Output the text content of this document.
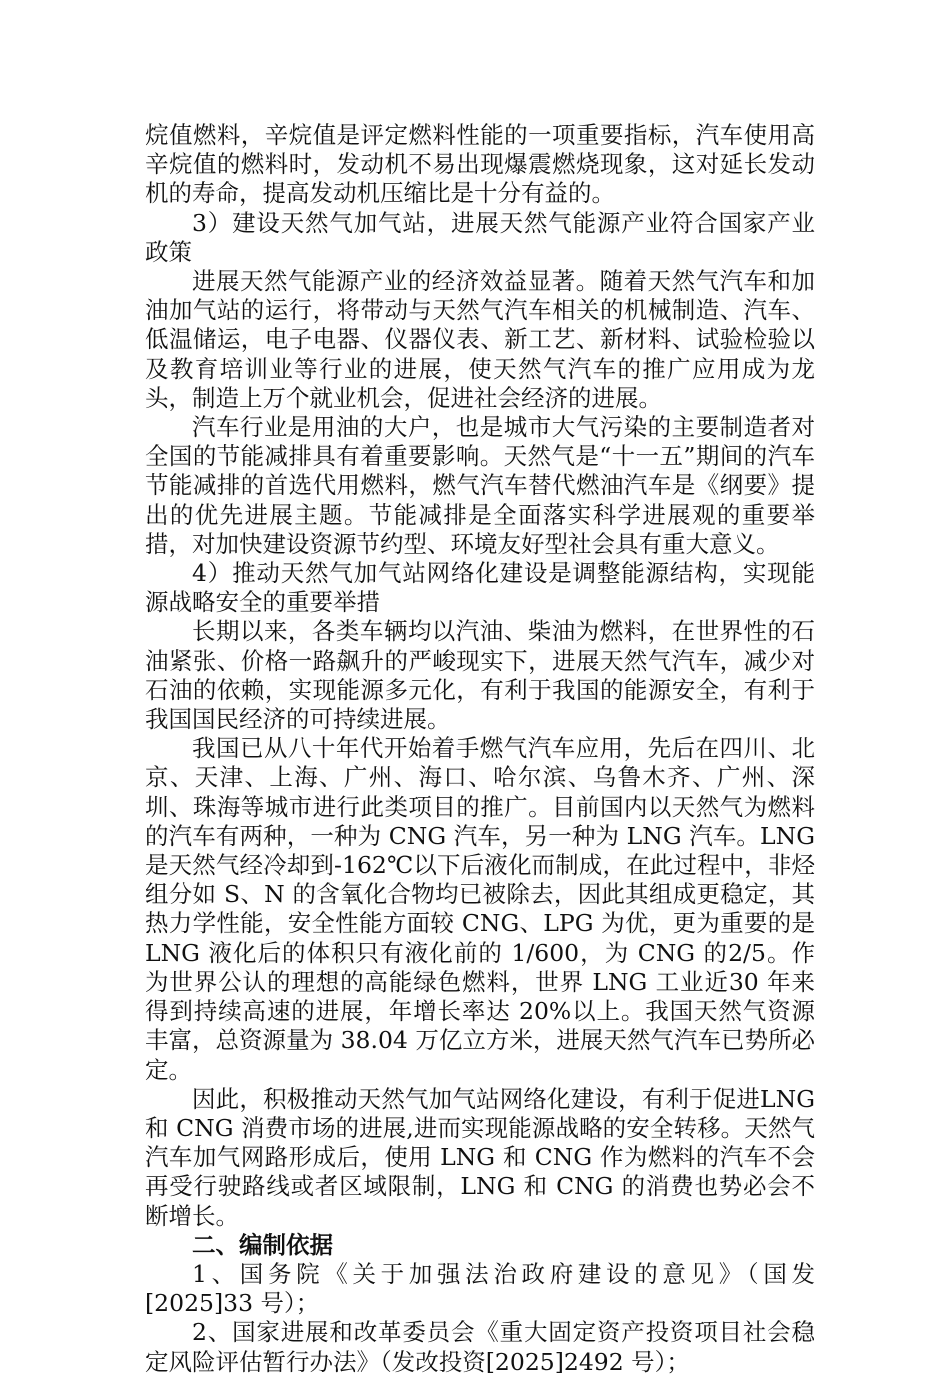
烷值燃料，辛烷值是评定燃料性能的一项重要指标，汽车使用高辛烷值的燃料时，发动机不易出现爆震燃烧现象，这对延长发动机的寿命，提高发动机压缩比是十分有益的。

3）建设天然气加气站，进展天然气能源产业符合国家产业政策

进展天然气能源产业的经济效益显著。随着天然气汽车和加油加气站的运行，将带动与天然气汽车相关的机械制造、汽车、低温储运，电子电器、仪器仪表、新工艺、新材料、试验检验以及教育培训业等行业的进展，使天然气汽车的推广应用成为龙头，制造上万个就业机会，促进社会经济的进展。

汽车行业是用油的大户，也是城市大气污染的主要制造者对全国的节能减排具有着重要影响。天然气是“十一五”期间的汽车节能减排的首选代用燃料，燃气汽车替代燃油汽车是《纲要》提出的优先进展主题。节能减排是全面落实科学进展观的重要举措，对加快建设资源节约型、环境友好型社会具有重大意义。

4）推动天然气加气站网络化建设是调整能源结构，实现能源战略安全的重要举措

长期以来，各类车辆均以汽油、柴油为燃料，在世界性的石油紧张、价格一路飙升的严峻现实下，进展天然气汽车，减少对石油的依赖，实现能源多元化，有利于我国的能源安全，有利于我国国民经济的可持续进展。

我国已从八十年代开始着手燃气汽车应用，先后在四川、北京、天津、上海、广州、海口、哈尔滨、乌鲁木齐、广州、深圳、珠海等城市进行此类项目的推广。目前国内以天然气为燃料的汽车有两种，一种为 CNG 汽车，另一种为 LNG 汽车。LNG 是天然气经冷却到-162℃以下后液化而制成，在此过程中，非烃组分如 S、N 的含氧化合物均已被除去，因此其组成更稳定，其热力学性能，安全性能方面较 CNG、LPG 为优，更为重要的是 LNG 液化后的体积只有液化前的 1/600，为 CNG 的2/5。作为世界公认的理想的高能绿色燃料，世界 LNG 工业近30 年来得到持续高速的进展，年增长率达 20%以上。我国天然气资源丰富，总资源量为 38.04 万亿立方米，进展天然气汽车已势所必定。

因此，积极推动天然气加气站网络化建设，有利于促进LNG 和 CNG 消费市场的进展,进而实现能源战略的安全转移。天然气汽车加气网路形成后，使用 LNG 和 CNG 作为燃料的汽车不会再受行驶路线或者区域限制，LNG 和 CNG 的消费也势必会不断增长。

二、编制依据

1、国务院《关于加强法治政府建设的意见》（国发[2025]33 号）；

2、国家进展和改革委员会《重大固定资产投资项目社会稳定风险评估暂行办法》（发改投资[2025]2492 号）；
